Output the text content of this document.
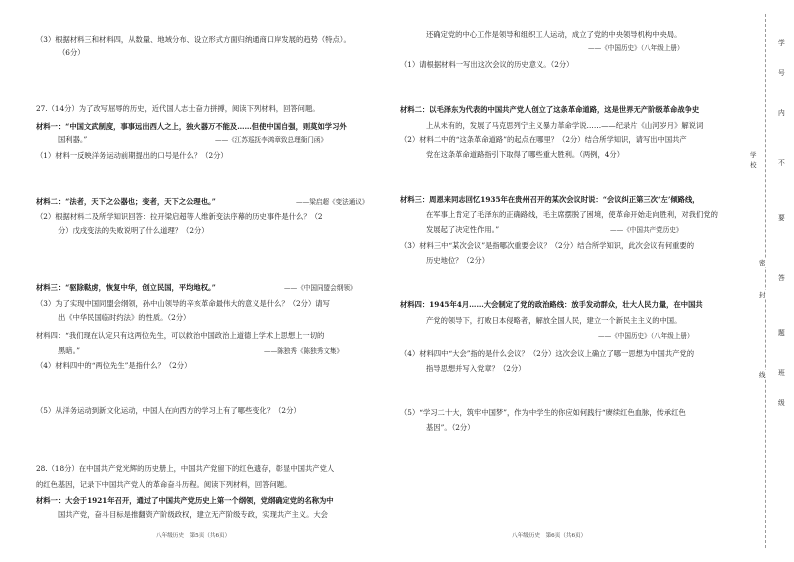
（3）根据材料三和材料四，从数量、地域分布、设立形式方面归纳通商口岸发展的趋势（特点）。
（6分）
27.（14分）为了改写屈辱的历史，近代国人志士奋力拼搏，阅读下列材料，回答问题。
材料一：“中国文武制度，事事远出西人之上，独火器万不能及……但使中国自强，则莫如学习外
国利器。”	——《江苏巡抚李鸿章致总理衙门函》
（1）材料一反映洋务运动前期提出的口号是什么？（2分）
材料二：“法者，天下之公器也；变者，天下之公理也。”	——梁启超《变法通议》
（2）根据材料二及所学知识回答：拉开梁启超等人维新变法序幕的历史事件是什么？（2
分）戊戌变法的失败说明了什么道理？（2分）
材料三：“驱除鞑虏，恢复中华，创立民国，平均地权。”	——《中国同盟会纲领》
（3）为了实现中国同盟会纲领，孙中山领导的辛亥革命最伟大的意义是什么？（2分）请写
出《中华民国临时约法》的性质。（2分）
材料四：“我们现在认定只有这两位先生，可以救治中国政治上道德上学术上思想上一切的
黑暗。”	——陈独秀《陈独秀文集》
（4）材料四中的“两位先生”是指什么？（2分）
（5）从洋务运动到新文化运动，中国人在向西方的学习上有了哪些变化？（2分）
28.（18分）在中国共产党光辉的历史册上，中国共产党留下的红色遗存，彰显中国共产党人
的红色基因，记录下中国共产党人的革命奋斗历程。阅读下列材料，回答问题。
材料一：大会于1921年召开，通过了中国共产党历史上第一个纲领，党纲确定党的名称为中
国共产党，奋斗目标是推翻资产阶级政权，建立无产阶级专政，实现共产主义。大会
八年级历史　第5页（共6页）
还确定党的中心工作是领导和组织工人运动，成立了党的中央领导机构中央局。
——《中国历史》（八年级上册）
（1）请根据材料一写出这次会议的历史意义。（2分）
材料二：以毛泽东为代表的中国共产党人创立了这条革命道路，这是世界无产阶级革命战争史
上从未有的，发展了马克思列宁主义暴力革命学说……——纪录片《山河岁月》解说词
（2）材料二中的“这条革命道路”的起点在哪里？（2分）结合所学知识，请写出中国共产
党在这条革命道路指引下取得了哪些重大胜利。（两例，4分）
材料三：周恩来同志回忆1935年在贵州召开的某次会议时说：“会议纠正第三次‘左’倾路线，
在军事上肯定了毛泽东的正确路线，毛主席摆脱了困境，使革命开始走向胜利，对我们党的
发展起了决定性作用。”	——《中国共产党历史》
（3）材料三中“某次会议”是指哪次重要会议？（2分）结合所学知识，此次会议有何重要的
历史地位？（2分）
材料四：1945年4月……大会制定了党的政治路线：放手发动群众，壮大人民力量，在中国共
产党的领导下，打败日本侵略者，解放全国人民，建立一个新民主主义的中国。
——《中国历史》（八年级上册）
（4）材料四中“大会”指的是什么会议？（2分）这次会议上确立了哪一思想为中国共产党的
指导思想并写入党章？（2分）
（5）“学习二十大，筑牢中国梦”，作为中学生的你应如何践行“赓续红色血脉，传承红色
基因”。（2分）
八年级历史　第6页（共6页）
学
校
密
封
线
学
号
内
不
要
答
题
班
级
